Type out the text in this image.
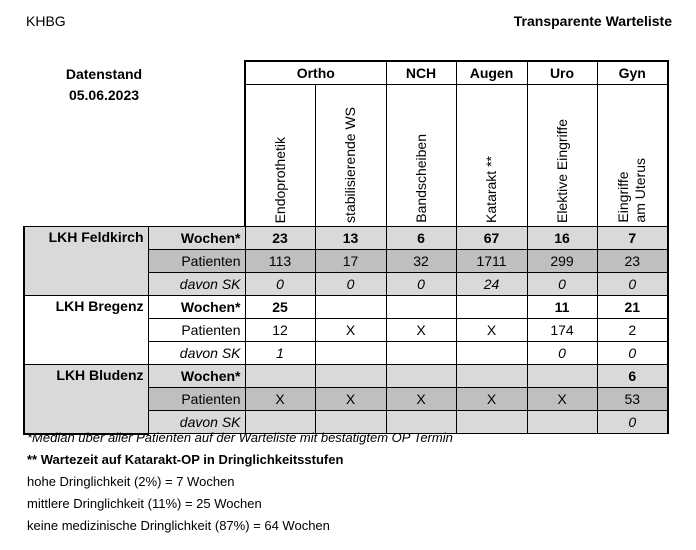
KHBG	Transparente Warteliste
Datenstand
05.06.2023
		Ortho		NCH	Augen	Uro	Gyn
		Endoprothetik	stabilisierende WS	Bandscheiben	Katarakt **	Elektive Eingriffe	Eingriffe
am Uterus
LKH Feldkirch	Wochen*	23	13	6	67	16	7
	Patienten	113	17	32	1711	299	23
	davon SK	0	0	0	24	0	0
LKH Bregenz	Wochen*	25				11	21
	Patienten	12	X	X	X	174	2
	davon SK	1				0	0
LKH Bludenz	Wochen*						6
	Patienten	X	X	X	X	X	53
	davon SK						0
*Median über aller Patienten auf der Warteliste mit bestätigtem OP Termin
** Wartezeit auf Katarakt-OP in Dringlichkeitsstufen
hohe Dringlichkeit (2%) = 7 Wochen
mittlere Dringlichkeit (11%) = 25 Wochen
keine medizinische Dringlichkeit (87%) = 64 Wochen
